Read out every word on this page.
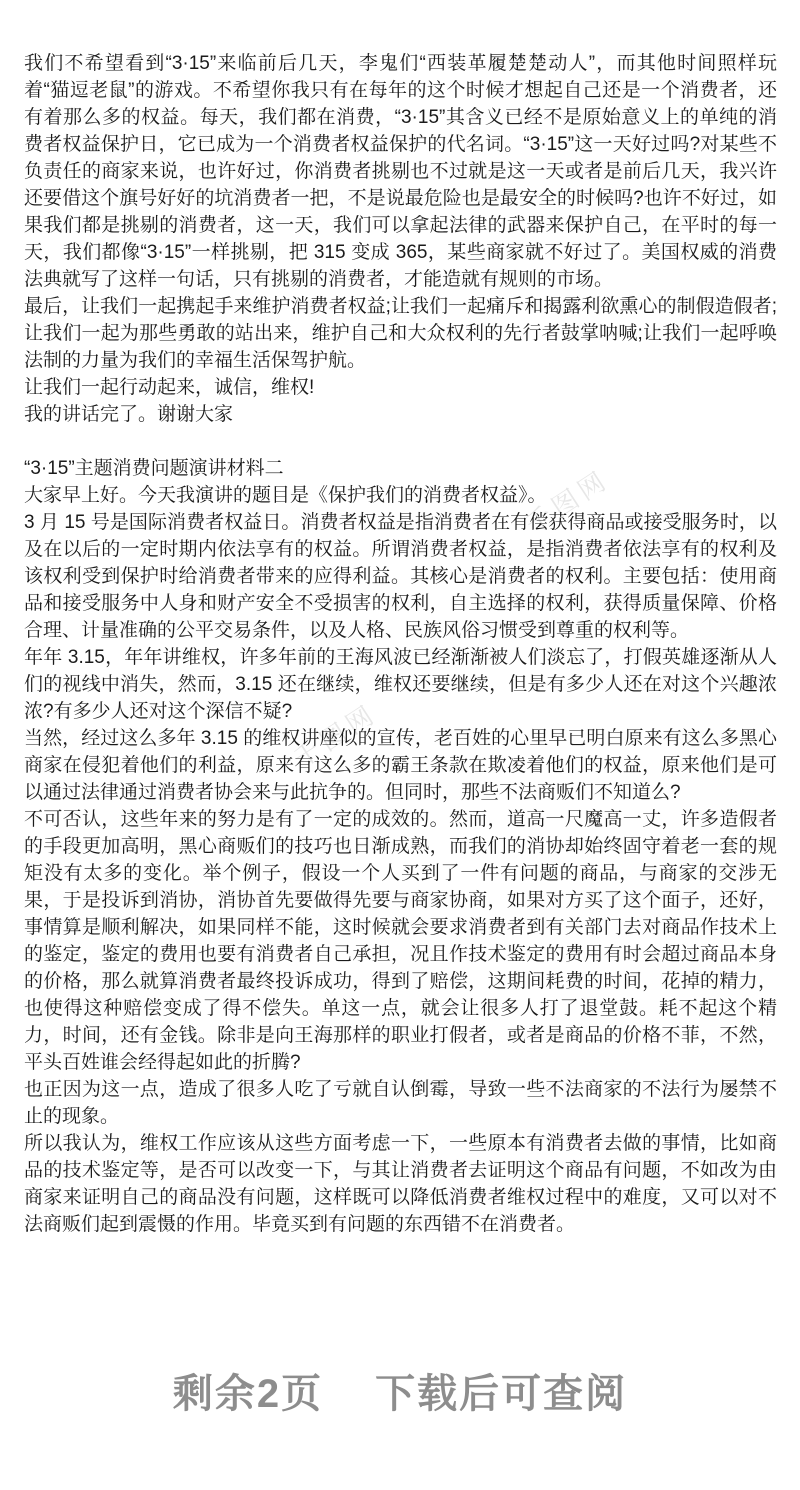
千图网
千图网

我们不希望看到“3·15”来临前后几天，李鬼们“西装革履楚楚动人”，而其他时间照样玩着“猫逗老鼠”的游戏。不希望你我只有在每年的这个时候才想起自己还是一个消费者，还有着那么多的权益。每天，我们都在消费，“3·15”其含义已经不是原始意义上的单纯的消费者权益保护日，它已成为一个消费者权益保护的代名词。“3·15”这一天好过吗?对某些不负责任的商家来说，也许好过，你消费者挑剔也不过就是这一天或者是前后几天，我兴许还要借这个旗号好好的坑消费者一把，不是说最危险也是最安全的时候吗?也许不好过，如果我们都是挑剔的消费者，这一天，我们可以拿起法律的武器来保护自己，在平时的每一天，我们都像“3·15”一样挑剔，把 315 变成 365，某些商家就不好过了。美国权威的消费法典就写了这样一句话，只有挑剔的消费者，才能造就有规则的市场。

最后，让我们一起携起手来维护消费者权益;让我们一起痛斥和揭露利欲熏心的制假造假者;让我们一起为那些勇敢的站出来，维护自己和大众权利的先行者鼓掌呐喊;让我们一起呼唤法制的力量为我们的幸福生活保驾护航。

让我们一起行动起来，诚信，维权!

我的讲话完了。谢谢大家

“3·15”主题消费问题演讲材料二

大家早上好。今天我演讲的题目是《保护我们的消费者权益》。

3 月 15 号是国际消费者权益日。消费者权益是指消费者在有偿获得商品或接受服务时，以及在以后的一定时期内依法享有的权益。所谓消费者权益，是指消费者依法享有的权利及该权利受到保护时给消费者带来的应得利益。其核心是消费者的权利。主要包括：使用商品和接受服务中人身和财产安全不受损害的权利，自主选择的权利，获得质量保障、价格合理、计量准确的公平交易条件，以及人格、民族风俗习惯受到尊重的权利等。

年年 3.15，年年讲维权，许多年前的王海风波已经渐渐被人们淡忘了，打假英雄逐渐从人们的视线中消失，然而，3.15 还在继续，维权还要继续，但是有多少人还在对这个兴趣浓浓?有多少人还对这个深信不疑?

当然，经过这么多年 3.15 的维权讲座似的宣传，老百姓的心里早已明白原来有这么多黑心商家在侵犯着他们的利益，原来有这么多的霸王条款在欺凌着他们的权益，原来他们是可以通过法律通过消费者协会来与此抗争的。但同时，那些不法商贩们不知道么?

不可否认，这些年来的努力是有了一定的成效的。然而，道高一尺魔高一丈，许多造假者的手段更加高明，黑心商贩们的技巧也日渐成熟，而我们的消协却始终固守着老一套的规矩没有太多的变化。举个例子，假设一个人买到了一件有问题的商品，与商家的交涉无果，于是投诉到消协，消协首先要做得先要与商家协商，如果对方买了这个面子，还好，事情算是顺利解决，如果同样不能，这时候就会要求消费者到有关部门去对商品作技术上的鉴定，鉴定的费用也要有消费者自己承担，况且作技术鉴定的费用有时会超过商品本身的价格，那么就算消费者最终投诉成功，得到了赔偿，这期间耗费的时间，花掉的精力，也使得这种赔偿变成了得不偿失。单这一点，就会让很多人打了退堂鼓。耗不起这个精力，时间，还有金钱。除非是向王海那样的职业打假者，或者是商品的价格不菲，不然，平头百姓谁会经得起如此的折腾?

也正因为这一点，造成了很多人吃了亏就自认倒霉，导致一些不法商家的不法行为屡禁不止的现象。

所以我认为，维权工作应该从这些方面考虑一下，一些原本有消费者去做的事情，比如商品的技术鉴定等，是否可以改变一下，与其让消费者去证明这个商品有问题，不如改为由商家来证明自己的商品没有问题，这样既可以降低消费者维权过程中的难度，又可以对不法商贩们起到震慑的作用。毕竟买到有问题的东西错不在消费者。

剩余2页 下载后可查阅
